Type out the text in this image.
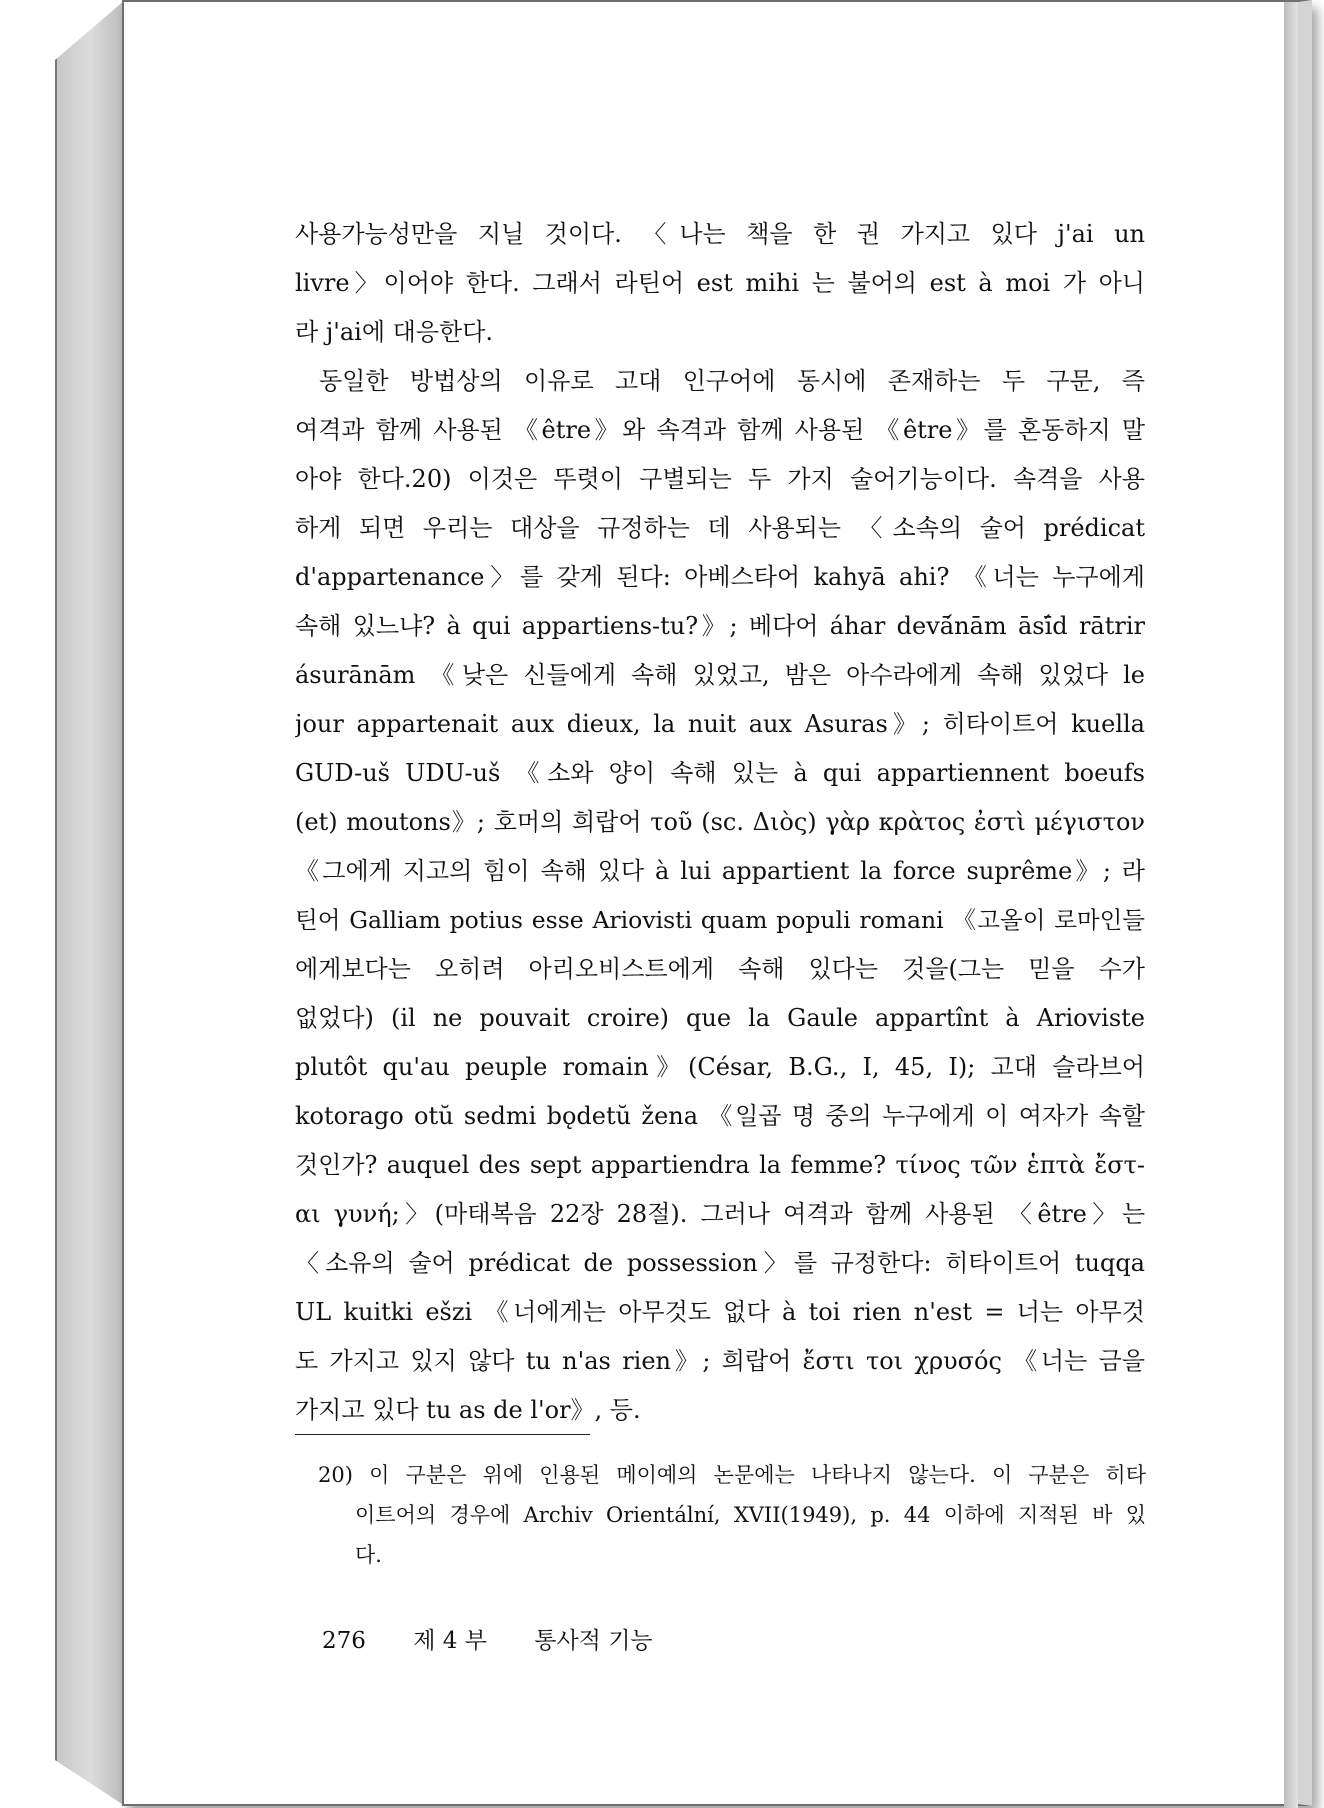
사용가능성만을 지닐 것이다. 〈나는 책을 한 권 가지고 있다 j'ai un
livre〉이어야 한다. 그래서 라틴어 est mihi 는 불어의 est à moi 가 아니
라 j'ai에 대응한다.
동일한 방법상의 이유로 고대 인구어에 동시에 존재하는 두 구문, 즉
여격과 함께 사용된 《être》와 속격과 함께 사용된 《être》를 혼동하지 말
아야 한다.20) 이것은 뚜렷이 구별되는 두 가지 술어기능이다. 속격을 사용
하게 되면 우리는 대상을 규정하는 데 사용되는 〈소속의 술어 prédicat
d'appartenance〉를 갖게 된다: 아베스타어 kahyā ahi? 《너는 누구에게
속해 있느냐? à qui appartiens-tu?》; 베다어 áhar devā́nām āsī́d rātrir
ásurānām 《낮은 신들에게 속해 있었고, 밤은 아수라에게 속해 있었다 le
jour appartenait aux dieux, la nuit aux Asuras》; 히타이트어 kuella
GUD-uš UDU-uš 《소와 양이 속해 있는 à qui appartiennent boeufs
(et) moutons》; 호머의 희랍어 τοῦ (sc. Διὸς) γὰρ κρὰτος ἐστὶ μέγιστον
《그에게 지고의 힘이 속해 있다 à lui appartient la force suprême》; 라
틴어 Galliam potius esse Ariovisti quam populi romani 《고올이 로마인들
에게보다는 오히려 아리오비스트에게 속해 있다는 것을(그는 믿을 수가
없었다) (il ne pouvait croire) que la Gaule appartînt à Arioviste
plutôt qu'au peuple romain》(César, B.G., I, 45, I); 고대 슬라브어
kotorago otŭ sedmi bǫdetŭ žena 《일곱 명 중의 누구에게 이 여자가 속할
것인가? auquel des sept appartiendra la femme? τίνος τῶν ἑπτὰ ἔστ-
αι γυνή;〉(마태복음 22장 28절). 그러나 여격과 함께 사용된 〈être〉는
〈소유의 술어 prédicat de possession〉를 규정한다: 히타이트어 tuqqa
UL kuitki ešzi 《너에게는 아무것도 없다 à toi rien n'est = 너는 아무것
도 가지고 있지 않다 tu n'as rien》; 희랍어 ἔστι τοι χρυσός 《너는 금을
가지고 있다 tu as de l'or》, 등.
20) 이 구분은 위에 인용된 메이예의 논문에는 나타나지 않는다. 이 구분은 히타
이트어의 경우에 Archiv Orientální, XVII(1949), p. 44 이하에 지적된 바 있
다.
276 제 4 부 통사적 기능
